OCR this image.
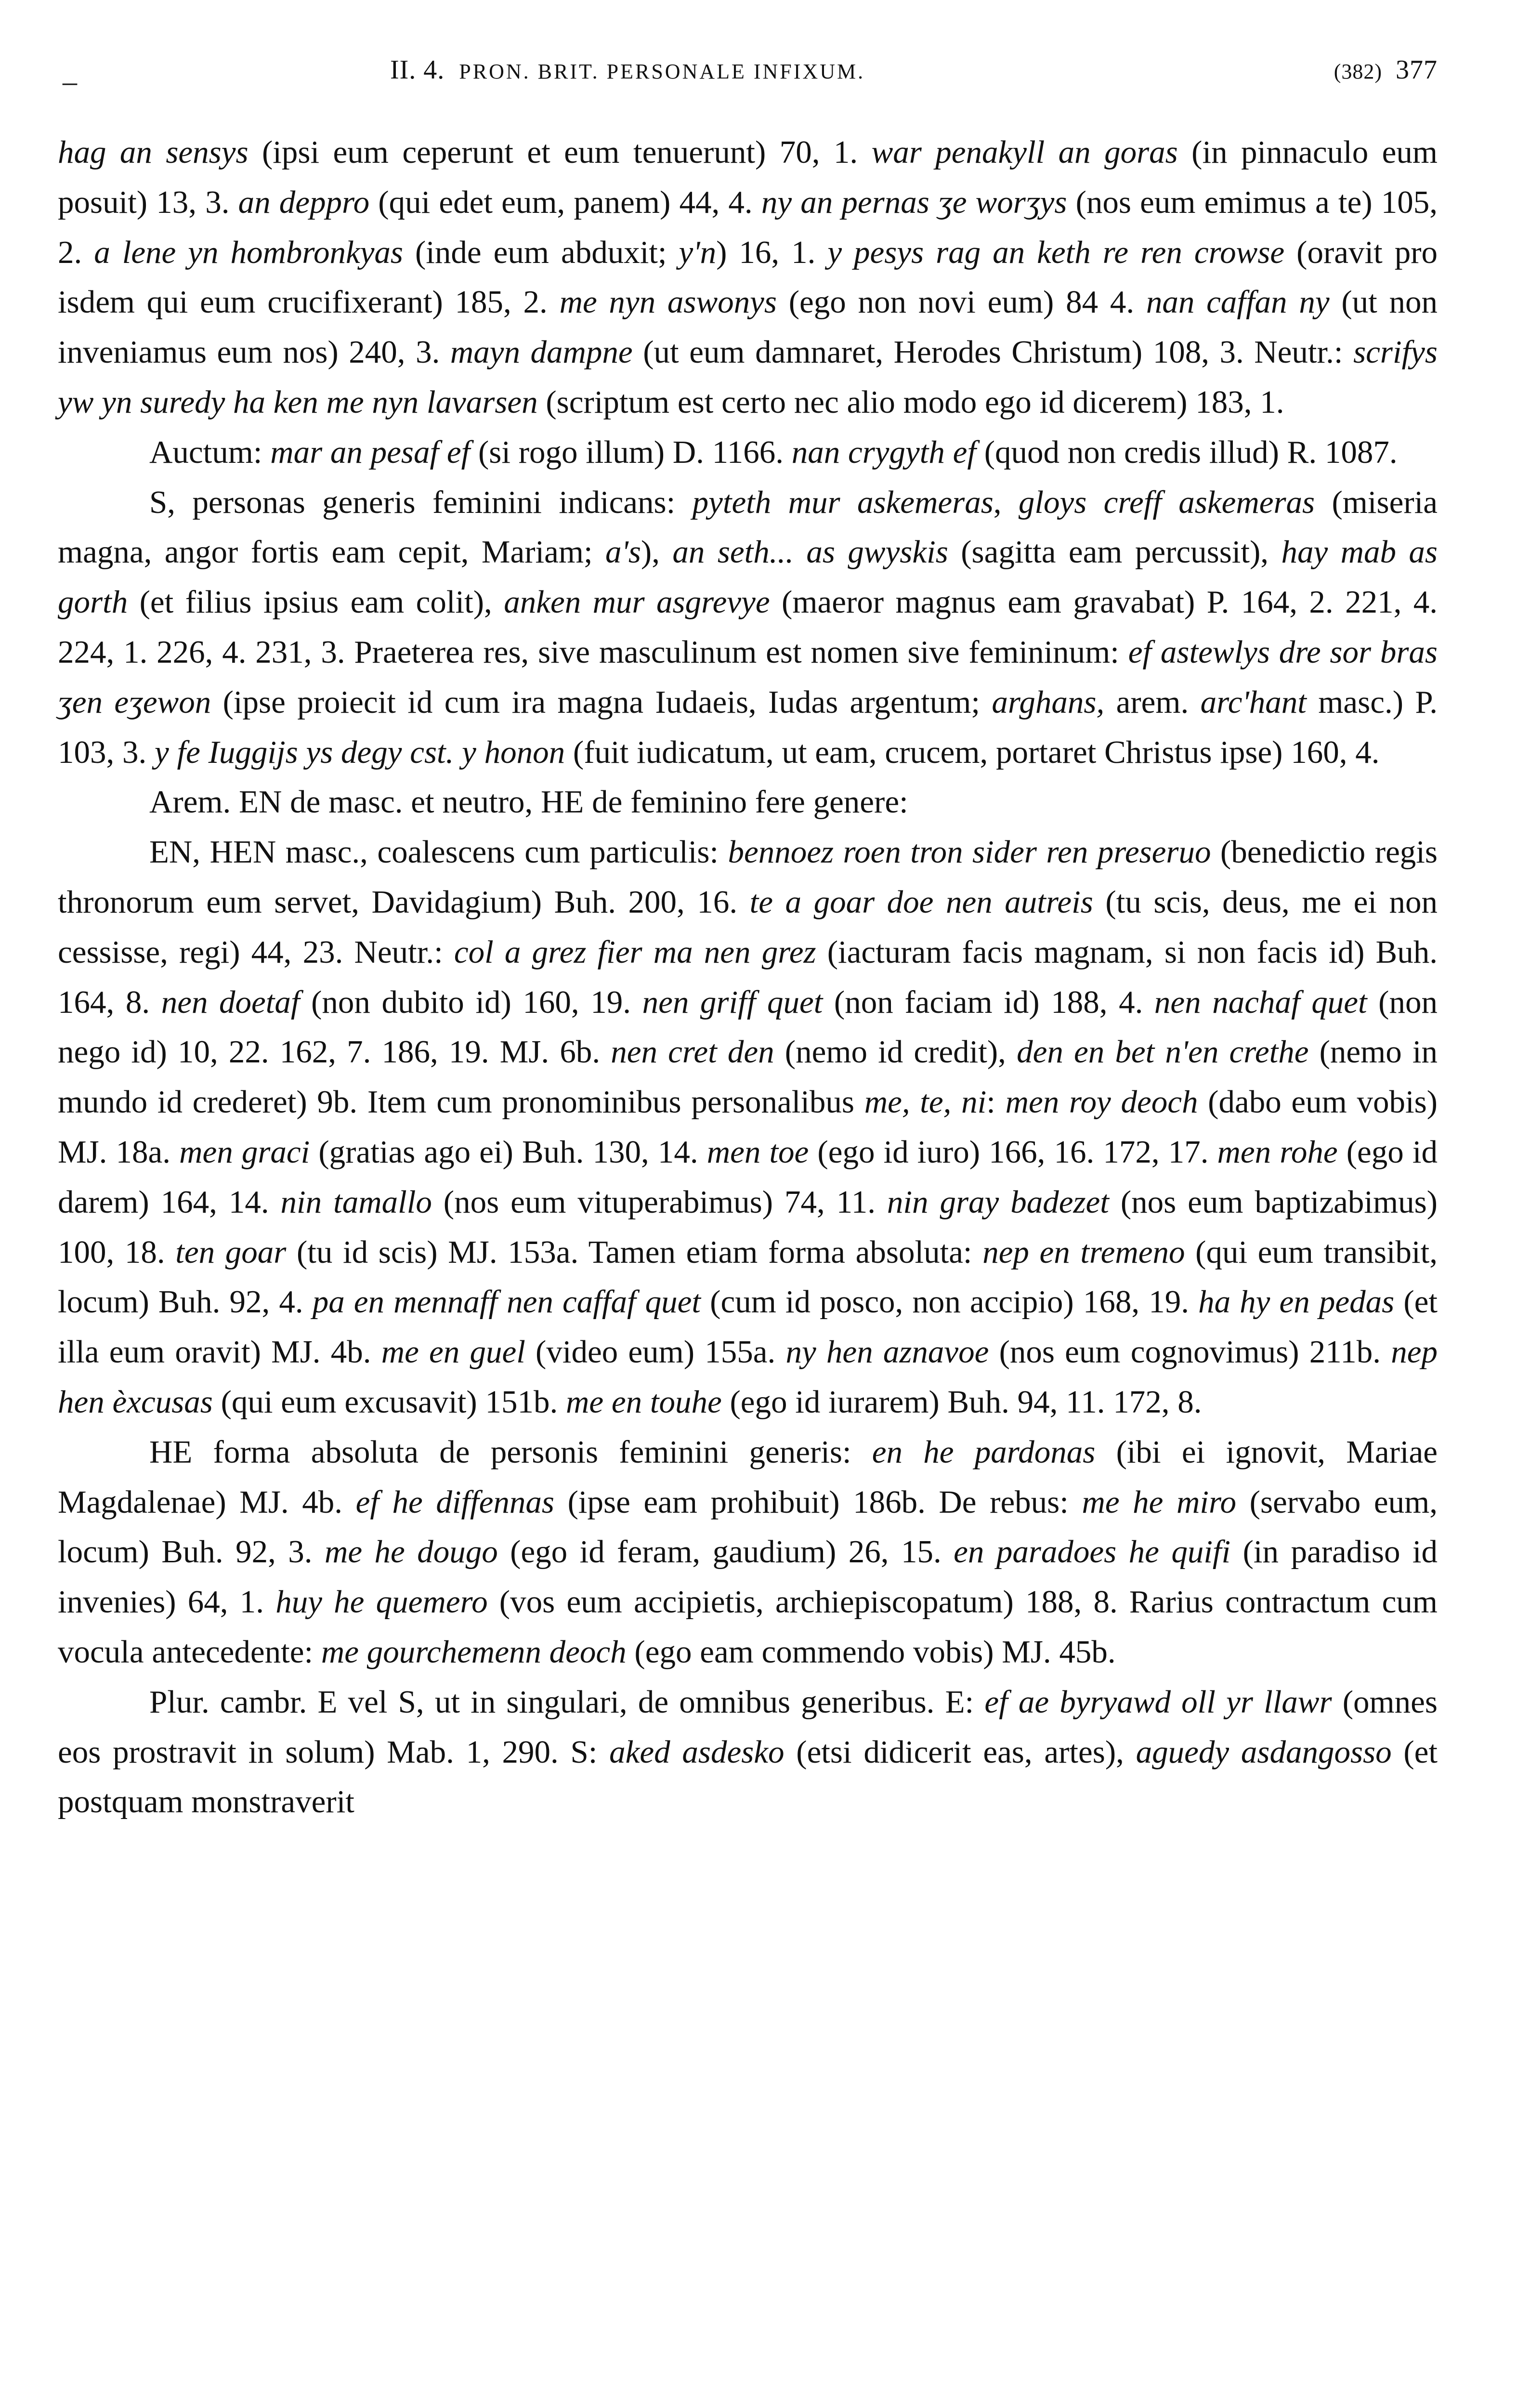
‒	II. 4. PRON. BRIT. PERSONALE INFIXUM.	(382) 377

hag an sensys (ipsi eum ceperunt et eum tenuerunt) 70, 1. war penakyll an goras (in pinnaculo eum posuit) 13, 3. an deppro (qui edet eum, panem) 44, 4. ny an pernas ʒe worʒys (nos eum emimus a te) 105, 2. a lene yn hombronkyas (inde eum abduxit; y'n) 16, 1. y pesys rag an keth re ren crowse (oravit pro isdem qui eum crucifixerant) 185, 2. me nyn aswonys (ego non novi eum) 84 4. nan caffan ny (ut non inveniamus eum nos) 240, 3. mayn dampne (ut eum damnaret, Herodes Christum) 108, 3. Neutr.: scrifys yw yn suredy ha ken me nyn lavarsen (scriptum est certo nec alio modo ego id dicerem) 183, 1.

Auctum: mar an pesaf ef (si rogo illum) D. 1166. nan crygyth ef (quod non credis illud) R. 1087.

S, personas generis feminini indicans: pyteth mur askemeras, gloys creff askemeras (miseria magna, angor fortis eam cepit, Mariam; a's), an seth... as gwyskis (sagitta eam percussit), hay mab as gorth (et filius ipsius eam colit), anken mur asgrevye (maeror magnus eam gravabat) P. 164, 2. 221, 4. 224, 1. 226, 4. 231, 3. Praeterea res, sive masculinum est nomen sive femininum: ef astewlys dre sor bras ʒen eʒewon (ipse proiecit id cum ira magna Iudaeis, Iudas argentum; arghans, arem. arc'hant masc.) P. 103, 3. y fe Iuggijs ys degy cst. y honon (fuit iudicatum, ut eam, crucem, portaret Christus ipse) 160, 4.

Arem. EN de masc. et neutro, HE de feminino fere genere:

EN, HEN masc., coalescens cum particulis: bennoez roen tron sider ren preseruo (benedictio regis thronorum eum servet, Davidagium) Buh. 200, 16. te a goar doe nen autreis (tu scis, deus, me ei non cessisse, regi) 44, 23. Neutr.: col a grez fier ma nen grez (iacturam facis magnam, si non facis id) Buh. 164, 8. nen doetaf (non dubito id) 160, 19. nen griff quet (non faciam id) 188, 4. nen nachaf quet (non nego id) 10, 22. 162, 7. 186, 19. MJ. 6b. nen cret den (nemo id credit), den en bet n'en crethe (nemo in mundo id crederet) 9b. Item cum pronominibus personalibus me, te, ni: men roy deoch (dabo eum vobis) MJ. 18a. men graci (gratias ago ei) Buh. 130, 14. men toe (ego id iuro) 166, 16. 172, 17. men rohe (ego id darem) 164, 14. nin tamallo (nos eum vituperabimus) 74, 11. nin gray badezet (nos eum baptizabimus) 100, 18. ten goar (tu id scis) MJ. 153a. Tamen etiam forma absoluta: nep en tremeno (qui eum transibit, locum) Buh. 92, 4. pa en mennaff nen caffaf quet (cum id posco, non accipio) 168, 19. ha hy en pedas (et illa eum oravit) MJ. 4b. me en guel (video eum) 155a. ny hen aznavoe (nos eum cognovimus) 211b. nep hen èxcusas (qui eum excusavit) 151b. me en touhe (ego id iurarem) Buh. 94, 11. 172, 8.

HE forma absoluta de personis feminini generis: en he pardonas (ibi ei ignovit, Mariae Magdalenae) MJ. 4b. ef he diffennas (ipse eam prohibuit) 186b. De rebus: me he miro (servabo eum, locum) Buh. 92, 3. me he dougo (ego id feram, gaudium) 26, 15. en paradoes he quifi (in paradiso id invenies) 64, 1. huy he quemero (vos eum accipietis, archiepiscopatum) 188, 8. Rarius contractum cum vocula antecedente: me gourchemenn deoch (ego eam commendo vobis) MJ. 45b.

Plur. cambr. E vel S, ut in singulari, de omnibus generibus. E: ef ae byryawd oll yr llawr (omnes eos prostravit in solum) Mab. 1, 290. S: aked asdesko (etsi didicerit eas, artes), aguedy asdangosso (et postquam monstraverit
